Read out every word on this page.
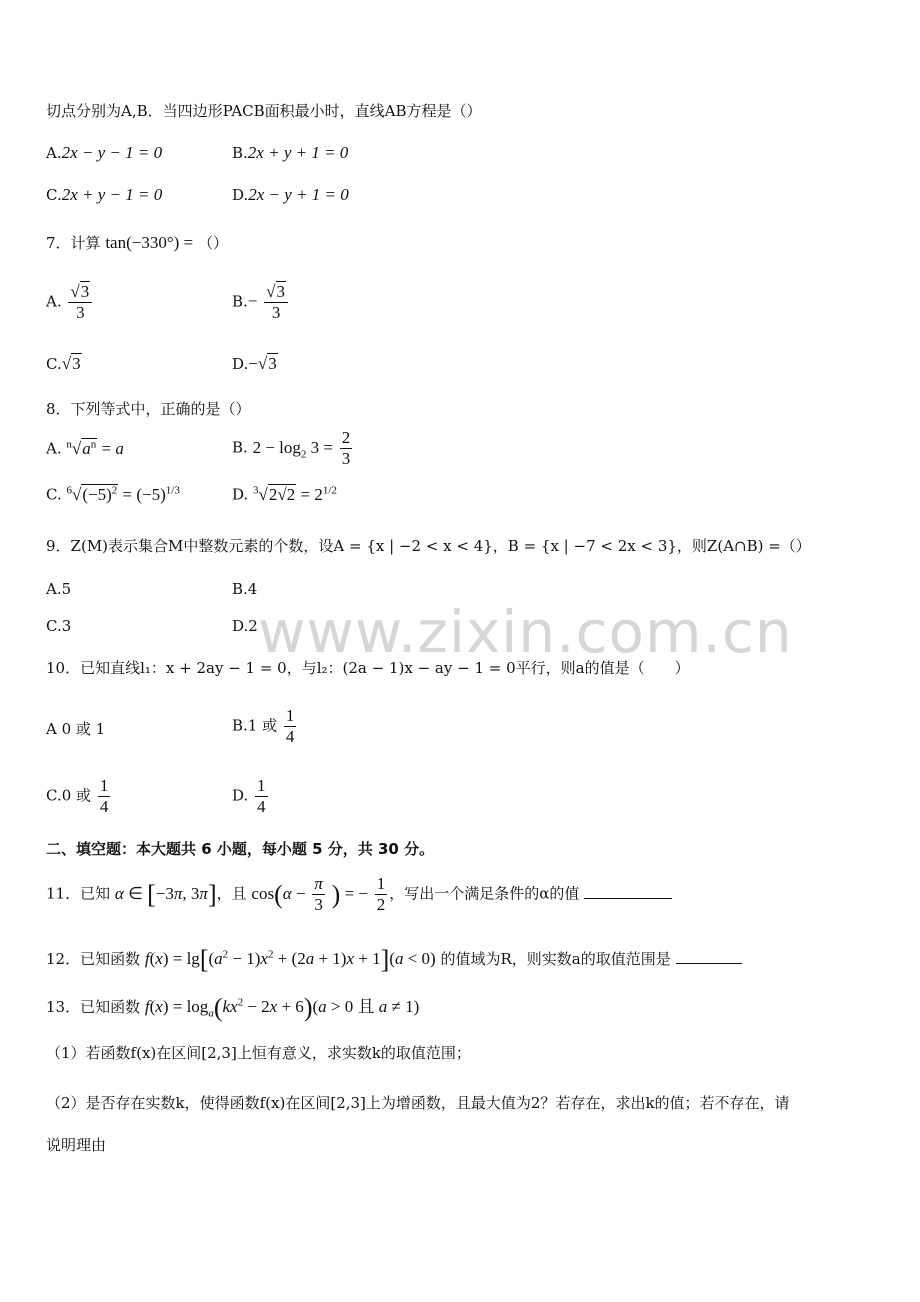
www.zixin.com.cn
切点分别为A,B．当四边形PACB面积最小时，直线AB方程是（）
A.2x − y − 1 = 0	B.2x + y + 1 = 0
C.2x + y − 1 = 0	D.2x − y + 1 = 0
7．计算 tan(−330°) = （）
A. $\frac{√3}{3}$	$B.- \frac{√3}{3}$
C.√3	D.−√3
8．下列等式中，正确的是（）
A. $^n√a^n = a$	B. $2 - \log_2 3 = \frac{2}{3}$
C. $^6√(-5)^2 = (-5)^{1/3}$	D. $^3√2√2 = 2^{1/2}$
9．Z(M)表示集合M中整数元素的个数，设A = {x | −2 < x < 4}，B = {x | −7 < 2x < 3}，则Z(A∩B) =（）
A.5	B.4
C.3	D.2
10．已知直线l₁：x + 2ay − 1 = 0，与l₂：(2a − 1)x − ay − 1 = 0平行，则a的值是（　　）
A 0 或 1	B.1 或 $\frac{1}{4}$
C.0 或 $\frac{1}{4}$	D. $\frac{1}{4}$
二、填空题：本大题共 6 小题，每小题 5 分，共 30 分。
11．已知 α ∈ [−3π, 3π]，且 $\cos(\alpha - \frac{\pi}{3}$ ) = − $\frac{1}{2}$ ，写出一个满足条件的α的值
12．已知函数 $f(x) = \lg[(a^2 - 1)x^2 + (2a + 1)x + 1](a < 0)$ 的值域为R，则实数a的取值范围是
13．已知函数 $f(x) = \log_a(kx^2 - 2x + 6)(a > 0$ 且 a ≠ 1)
（1）若函数f(x)在区间[2,3]上恒有意义，求实数k的取值范围；
（2）是否存在实数k，使得函数f(x)在区间[2,3]上为增函数，且最大值为2？若存在，求出k的值；若不存在，请
说明理由
